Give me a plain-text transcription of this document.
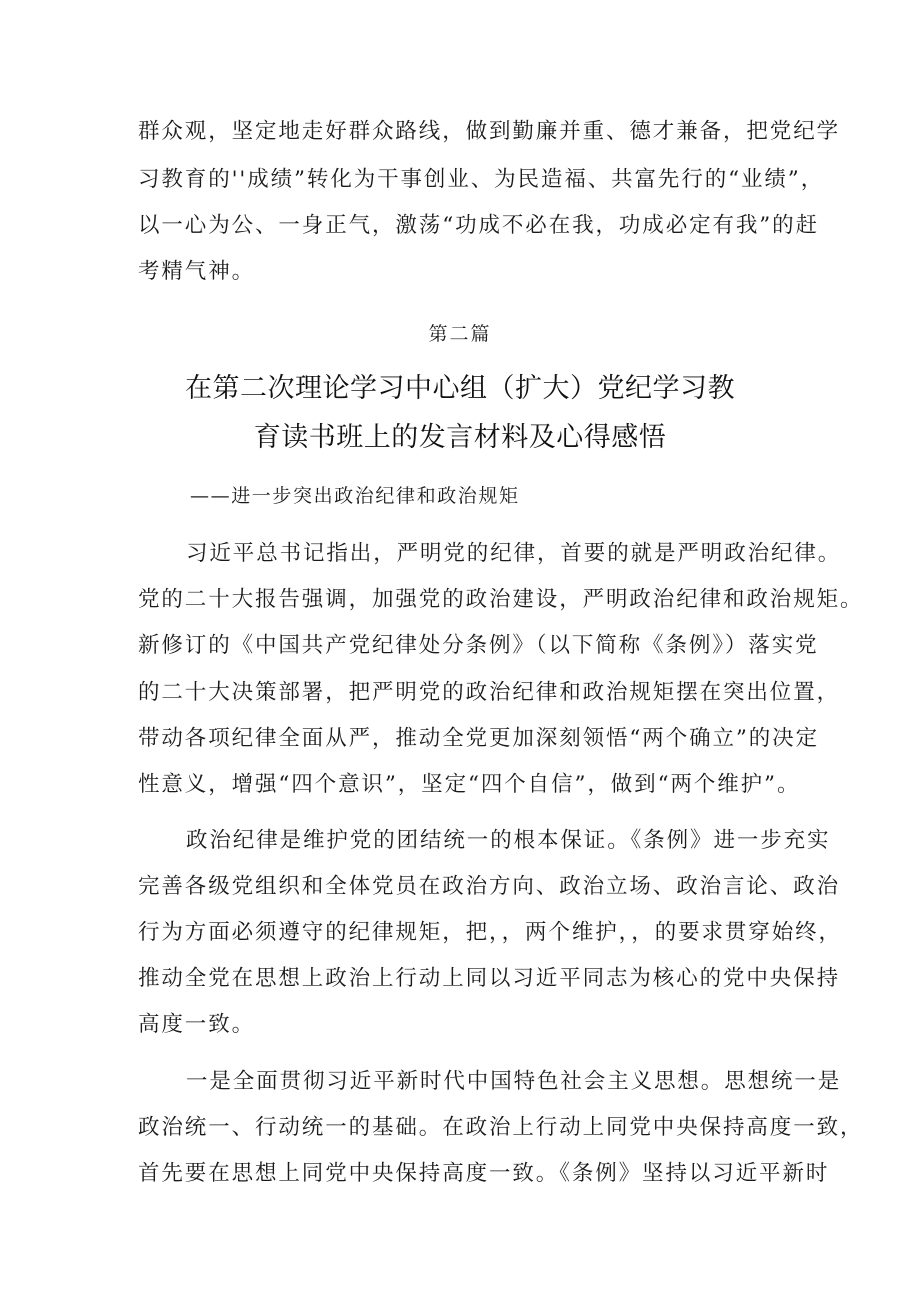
群众观，坚定地走好群众路线，做到勤廉并重、德才兼备，把党纪学
习教育的''成绩”转化为干事创业、为民造福、共富先行的“业绩”，
以一心为公、一身正气，激荡“功成不必在我，功成必定有我”的赶
考精气神。
第二篇
在第二次理论学习中心组（扩大）党纪学习教
育读书班上的发言材料及心得感悟
——进一步突出政治纪律和政治规矩
习近平总书记指出，严明党的纪律，首要的就是严明政治纪律。
党的二十大报告强调，加强党的政治建设，严明政治纪律和政治规矩。
新修订的《中国共产党纪律处分条例》（以下简称《条例》）落实党
的二十大决策部署，把严明党的政治纪律和政治规矩摆在突出位置，
带动各项纪律全面从严，推动全党更加深刻领悟“两个确立”的决定
性意义，增强“四个意识”，坚定“四个自信”，做到“两个维护”。
政治纪律是维护党的团结统一的根本保证。《条例》进一步充实
完善各级党组织和全体党员在政治方向、政治立场、政治言论、政治
行为方面必须遵守的纪律规矩，把，，两个维护，，的要求贯穿始终，
推动全党在思想上政治上行动上同以习近平同志为核心的党中央保持
高度一致。
一是全面贯彻习近平新时代中国特色社会主义思想。思想统一是
政治统一、行动统一的基础。在政治上行动上同党中央保持高度一致，
首先要在思想上同党中央保持高度一致。《条例》坚持以习近平新时
